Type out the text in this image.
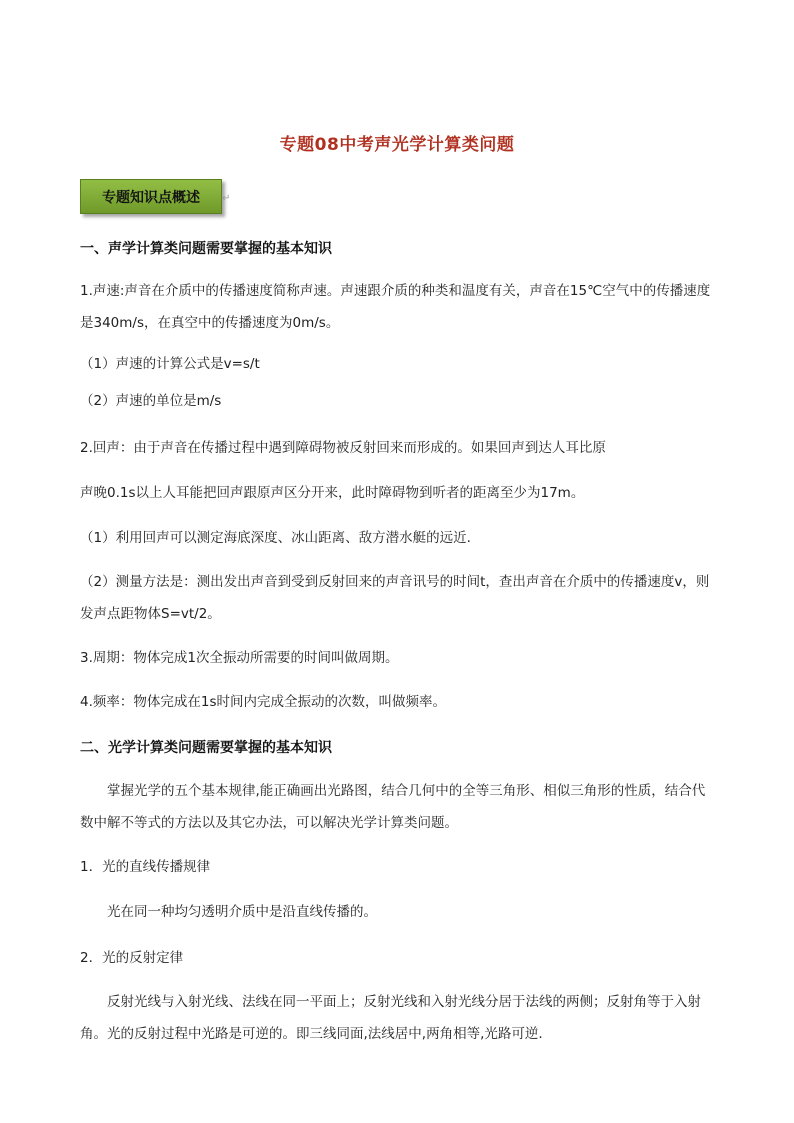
专题08中考声光学计算类问题
专题知识点概述 ↵
一、声学计算类问题需要掌握的基本知识
1.声速:声音在介质中的传播速度简称声速。声速跟介质的种类和温度有关，声音在15℃空气中的传播速度是340m/s，在真空中的传播速度为0m/s。
（1）声速的计算公式是v=s/t
（2）声速的单位是m/s
2.回声：由于声音在传播过程中遇到障碍物被反射回来而形成的。如果回声到达人耳比原
声晚0.1s以上人耳能把回声跟原声区分开来，此时障碍物到听者的距离至少为17m。
（1）利用回声可以测定海底深度、冰山距离、敌方潜水艇的远近.
（2）测量方法是：测出发出声音到受到反射回来的声音讯号的时间t，查出声音在介质中的传播速度v，则发声点距物体S=vt/2。
3.周期：物体完成1次全振动所需要的时间叫做周期。
4.频率：物体完成在1s时间内完成全振动的次数，叫做频率。
二、光学计算类问题需要掌握的基本知识
掌握光学的五个基本规律,能正确画出光路图，结合几何中的全等三角形、相似三角形的性质，结合代数中解不等式的方法以及其它办法，可以解决光学计算类问题。
1．光的直线传播规律
光在同一种均匀透明介质中是沿直线传播的。
2．光的反射定律
反射光线与入射光线、法线在同一平面上；反射光线和入射光线分居于法线的两侧；反射角等于入射角。光的反射过程中光路是可逆的。即三线同面,法线居中,两角相等,光路可逆.
